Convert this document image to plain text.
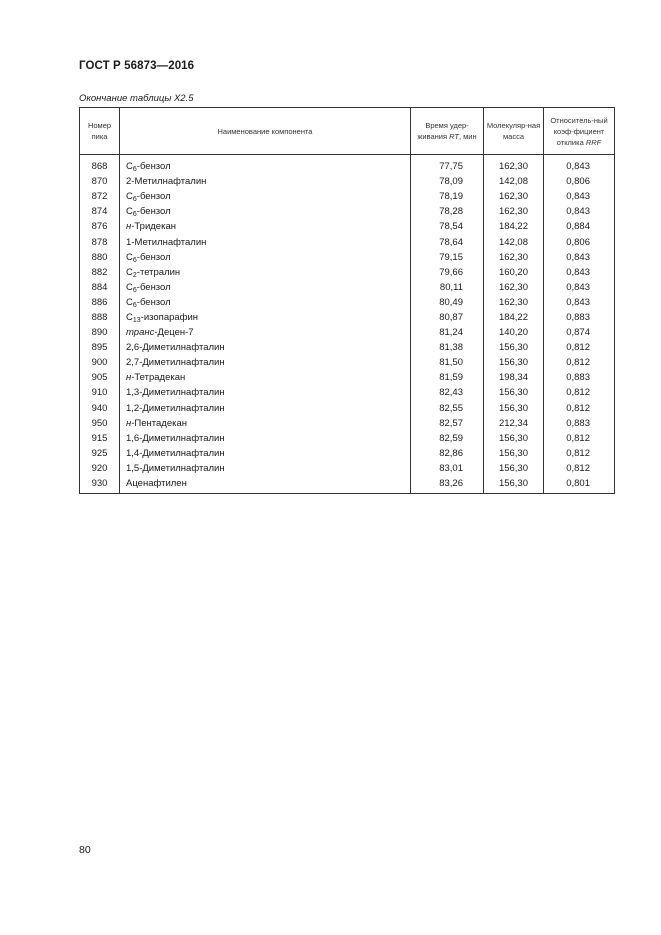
ГОСТ Р 56873—2016
Окончание таблицы X2.5
Номер пика	Наименование компонента	Время удер-живания RT, мин	Молекуляр-ная масса	Относитель-ный коэф-фициент отклика RRF
868	$C_6$-бензол	77,75	162,30	0,843
870	2-Метилнафталин	78,09	142,08	0,806
872	$C_6$-бензол	78,19	162,30	0,843
874	$C_6$-бензол	78,28	162,30	0,843
876	н-Тридекан	78,54	184,22	0,884
878	1-Метилнафталин	78,64	142,08	0,806
880	$C_6$-бензол	79,15	162,30	0,843
882	$C_2$-тетралин	79,66	160,20	0,843
884	$C_6$-бензол	80,11	162,30	0,843
886	$C_6$-бензол	80,49	162,30	0,843
888	$C_{13}$-изопарафин	80,87	184,22	0,883
890	транс-Децен-7	81,24	140,20	0,874
895	2,6-Диметилнафталин	81,38	156,30	0,812
900	2,7-Диметилнафталин	81,50	156,30	0,812
905	н-Тетрадекан	81,59	198,34	0,883
910	1,3-Диметилнафталин	82,43	156,30	0,812
940	1,2-Диметилнафталин	82,55	156,30	0,812
950	н-Пентадекан	82,57	212,34	0,883
915	1,6-Диметилнафталин	82,59	156,30	0,812
925	1,4-Диметилнафталин	82,86	156,30	0,812
920	1,5-Диметилнафталин	83,01	156,30	0,812
930	Аценафтилен	83,26	156,30	0,801
80
